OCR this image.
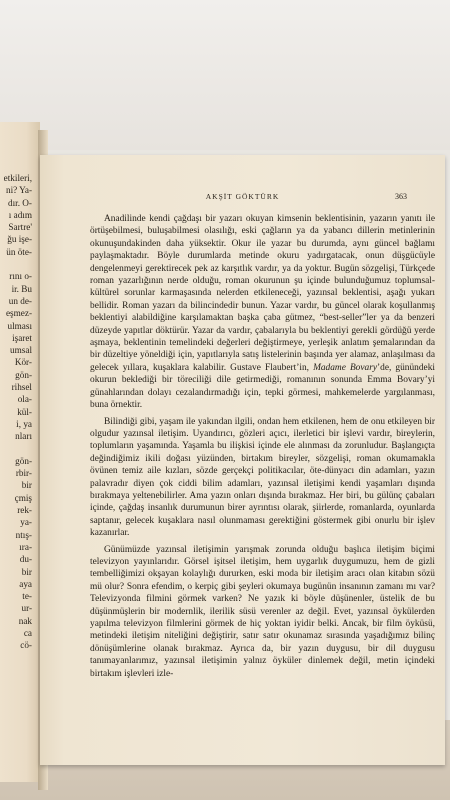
etkileri,
ni? Ya-
dır. O-
ı adım
Sartre'
ğu işe-
ün öte-
rını o-
ir. Bu
un de-
eşmez-
ulması
işaret
umsal
Kör-
gön-
rihsel
ola-
kül-
i, ya
nları
gön-
rbir-
bir
çmiş
rek-
ya-
ntış-
ıra-
du-
bir
aya
te-
ur-
nak
ca
cö-
AKŞİT GÖKTÜRK	363

Anadilinde kendi çağdaşı bir yazarı okuyan kimsenin beklentisinin, yazarın yanıtı ile örtüşebilmesi, buluşabilmesi olasılığı, eski çağların ya da yabancı dillerin metinlerinin okunuşundakinden daha yüksektir. Okur ile yazar bu durumda, aynı güncel bağlamı paylaşmaktadır. Böyle durumlarda metinde okuru yadırgatacak, onun düşgücüyle dengelenmeyi gerektirecek pek az karşıtlık vardır, ya da yoktur. Bugün sözgelişi, Türkçede roman yazarlığının nerde olduğu, roman okurunun şu içinde bulunduğumuz toplumsal-kültürel sorunlar karmaşasında nelerden etkileneceği, yazınsal beklentisi, aşağı yukarı bellidir. Roman yazarı da bilincindedir bunun. Yazar vardır, bu güncel olarak koşullanmış beklentiyi alabildiğine karşılamaktan başka çaba gütmez, “best-seller”ler ya da benzeri düzeyde yapıtlar döktürür. Yazar da vardır, çabalarıyla bu beklentiyi gerekli gördüğü yerde aşmaya, beklentinin temelindeki değerleri değiştirmeye, yerleşik anlatım şemalarından da bir düzeltiye yöneldiği için, yapıtlarıyla satış listelerinin başında yer alamaz, anlaşılması da gelecek yıllara, kuşaklara kalabilir. Gustave Flaubert’in, Madame Bovary’de, günündeki okurun beklediği bir töreciliği dile getirmediği, romanının sonunda Emma Bovary’yi günahlarından dolayı cezalandırmadığı için, tepki görmesi, mahkemelerde yargılanması, buna örnektir.

Bilindiği gibi, yaşam ile yakından ilgili, ondan hem etkilenen, hem de onu etkileyen bir olgudur yazınsal iletişim. Uyandırıcı, gözleri açıcı, ilerletici bir işlevi vardır, bireylerin, toplumların yaşamında. Yaşamla bu ilişkisi içinde ele alınması da zorunludur. Başlangıçta değindiğimiz ikili doğası yüzünden, birtakım bireyler, sözgelişi, roman okumamakla övünen temiz aile kızları, sözde gerçekçi politikacılar, öte-dünyacı din adamları, yazın palavradır diyen çok ciddi bilim adamları, yazınsal iletişimi kendi yaşamları dışında bırakmaya yeltenebilirler. Ama yazın onları dışında bırakmaz. Her biri, bu gülünç çabaları içinde, çağdaş insanlık durumunun birer ayrıntısı olarak, şiirlerde, romanlarda, oyunlarda saptanır, gelecek kuşaklara nasıl olunmaması gerektiğini göstermek gibi onurlu bir işlev kazanırlar.

Günümüzde yazınsal iletişimin yarışmak zorunda olduğu başlıca iletişim biçimi televizyon yayınlarıdır. Görsel işitsel iletişim, hem uygarlık duygumuzu, hem de gizli tembelliğimizi okşayan kolaylığı dururken, eski moda bir iletişim aracı olan kitabın sözü mü olur? Sonra efendim, o kerpiç gibi şeyleri okumaya bugünün insanının zamanı mı var? Televizyonda filmini görmek varken? Ne yazık ki böyle düşünenler, üstelik de bu düşünmüşlerin bir modernlik, ilerilik süsü verenler az değil. Evet, yazınsal öykülerden yapılma televizyon filmlerini görmek de hiç yoktan iyidir belki. Ancak, bir film öyküsü, metindeki iletişim niteliğini değiştirir, satır satır okunamaz sırasında yaşadığımız bilinç dönüşümlerine olanak bırakmaz. Ayrıca da, bir yazın duygusu, bir dil duygusu tanımayanlarımız, yazınsal iletişimin yalnız öyküler dinlemek değil, metin içindeki birtakım işlevleri izle-
